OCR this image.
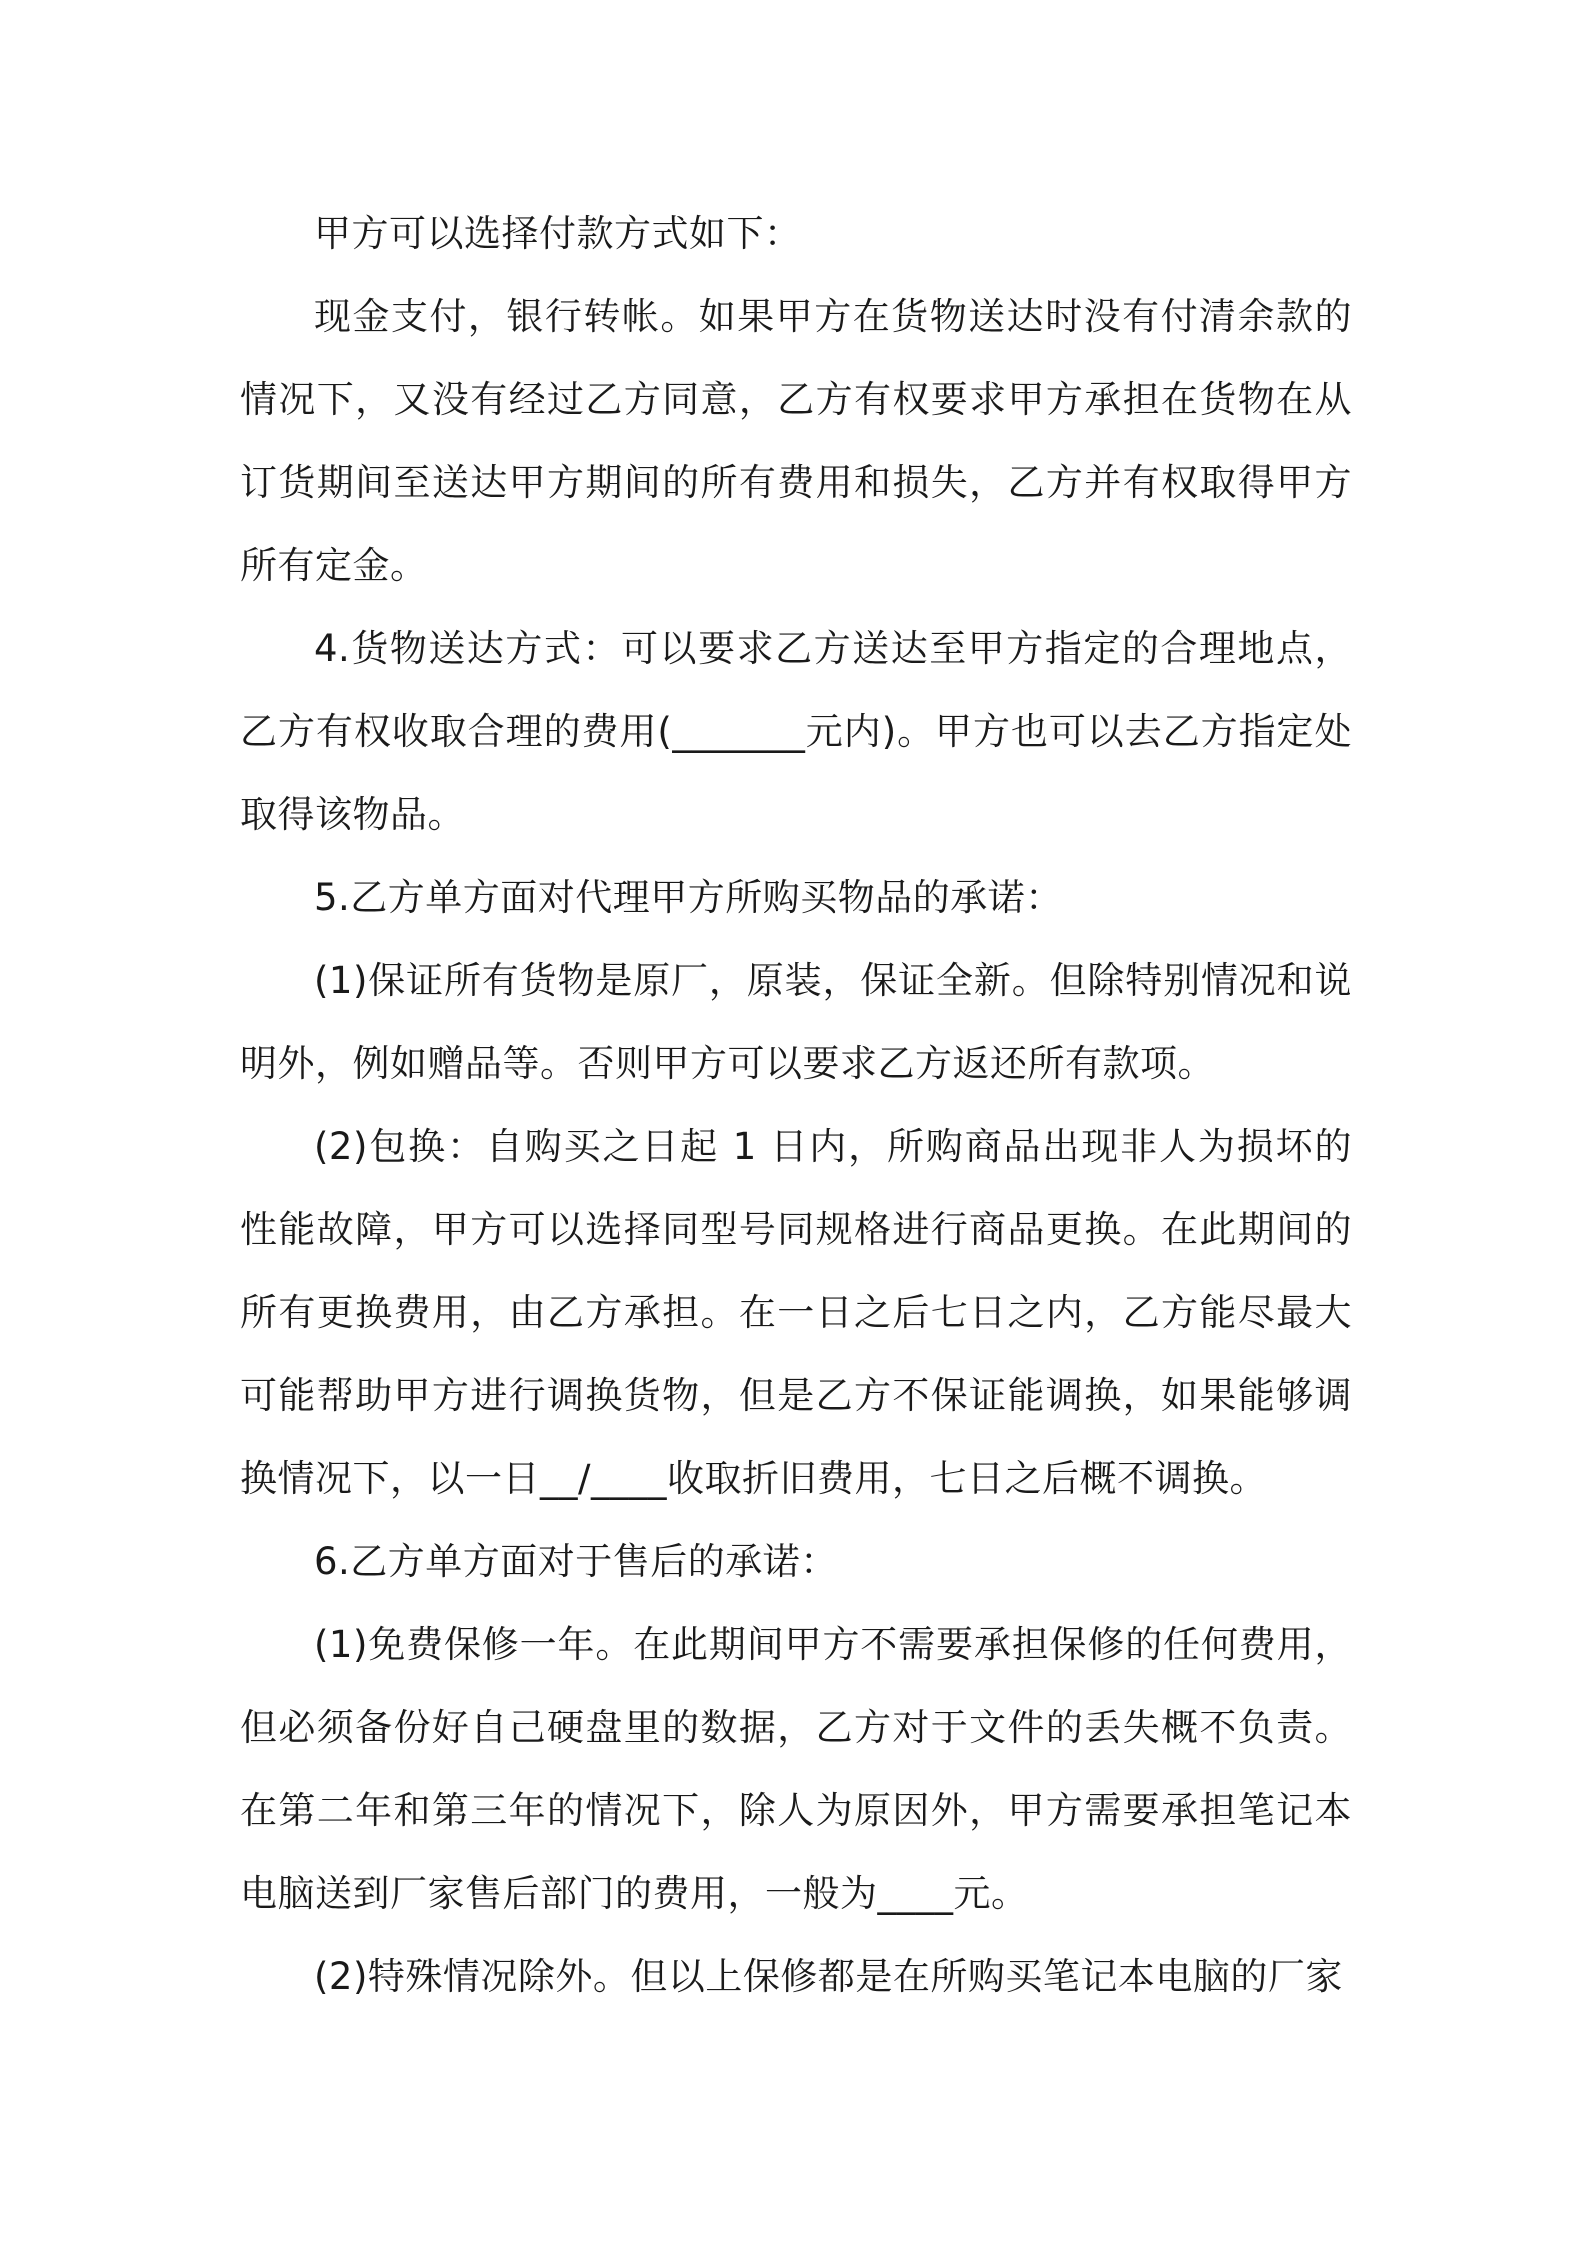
甲方可以选择付款方式如下：

现金支付，银行转帐。如果甲方在货物送达时没有付清余款的情况下，又没有经过乙方同意，乙方有权要求甲方承担在货物在从订货期间至送达甲方期间的所有费用和损失，乙方并有权取得甲方所有定金。

4.货物送达方式：可以要求乙方送达至甲方指定的合理地点，乙方有权收取合理的费用(_______元内)。甲方也可以去乙方指定处取得该物品。

5.乙方单方面对代理甲方所购买物品的承诺：

(1)保证所有货物是原厂，原装，保证全新。但除特别情况和说明外，例如赠品等。否则甲方可以要求乙方返还所有款项。

(2)包换：自购买之日起 1 日内，所购商品出现非人为损坏的性能故障，甲方可以选择同型号同规格进行商品更换。在此期间的所有更换费用，由乙方承担。在一日之后七日之内，乙方能尽最大可能帮助甲方进行调换货物，但是乙方不保证能调换，如果能够调换情况下，以一日__/____收取折旧费用，七日之后概不调换。

6.乙方单方面对于售后的承诺：

(1)免费保修一年。在此期间甲方不需要承担保修的任何费用，但必须备份好自己硬盘里的数据，乙方对于文件的丢失概不负责。在第二年和第三年的情况下，除人为原因外，甲方需要承担笔记本电脑送到厂家售后部门的费用，一般为____元。

(2)特殊情况除外。但以上保修都是在所购买笔记本电脑的厂家
